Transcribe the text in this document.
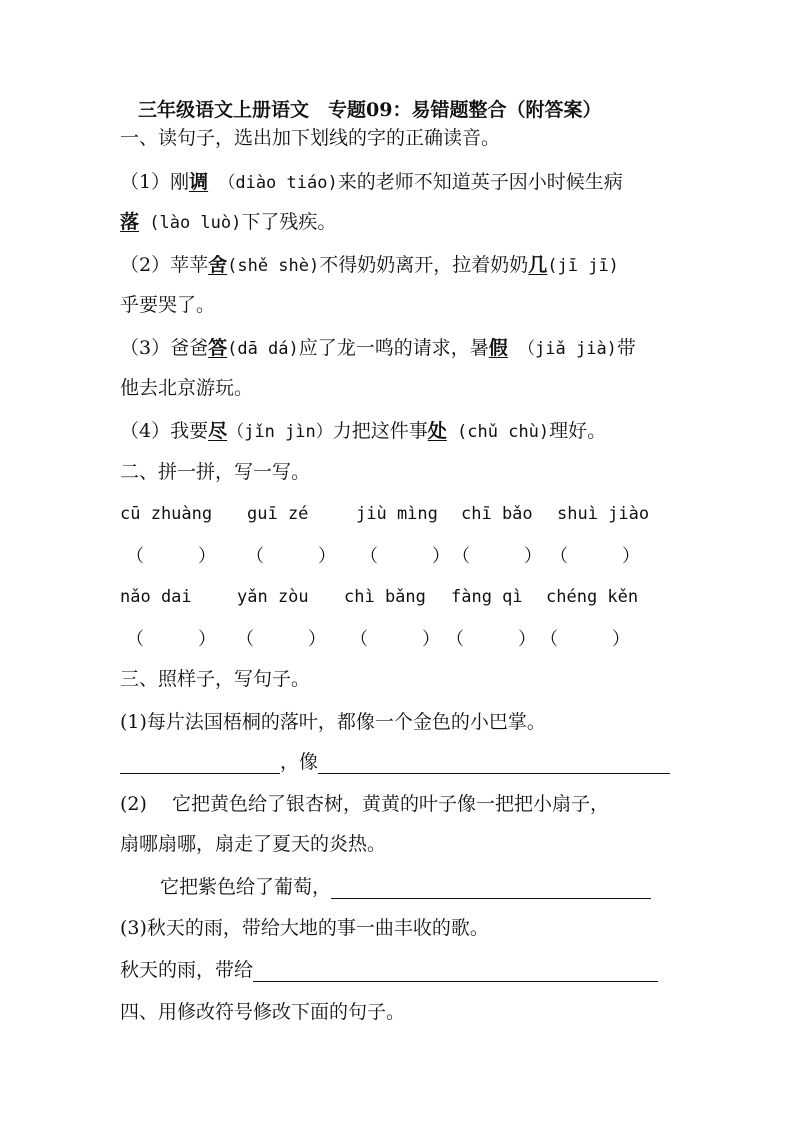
三年级语文上册语文　专题09：易错题整合（附答案）
一、读句子，选出加下划线的字的正确读音。
（1）刚调 （diào tiáo)来的老师不知道英子因小时候生病
落 (lào luò)下了残疾。
（2）苹苹舍(shě shè)不得奶奶离开，拉着奶奶几(jī jī)
乎要哭了。
（3）爸爸答(dā dá)应了龙一鸣的请求，暑假 （jiǎ jià)带
他去北京游玩。
（4）我要尽（jǐn jìn）力把这件事处 (chǔ chù)理好。
二、拼一拼，写一写。
cū zhuàng guī zé	jiù mìng chī bǎo shuì jiào
（　　　） （　　　） （　　　） （　　　） （　　　）
nǎo dai	yǎn zòu chì bǎng fàng qì chéng kěn
（　　　） （　　　） （　　　） （　　　） （　　　）
三、照样子，写句子。
(1)每片法国梧桐的落叶，都像一个金色的小巴掌。
，像
(2)　 它把黄色给了银杏树，黄黄的叶子像一把把小扇子，
扇哪扇哪，扇走了夏天的炎热。
它把紫色给了葡萄，
(3)秋天的雨，带给大地的事一曲丰收的歌。
秋天的雨，带给
四、用修改符号修改下面的句子。
